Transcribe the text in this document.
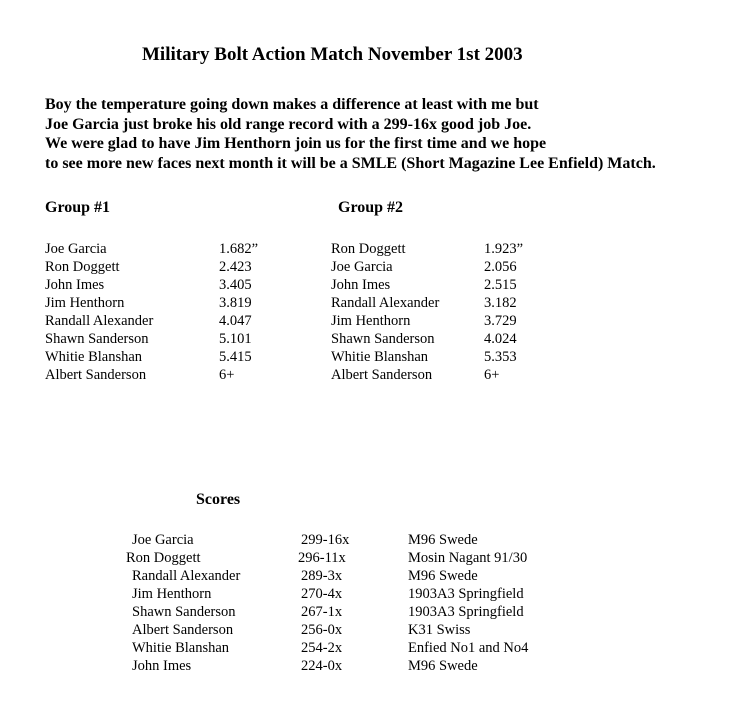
Military Bolt Action Match November 1st 2003
Boy the temperature going down makes a difference at least with me but
Joe Garcia just broke his old range record with a 299-16x good job Joe.
We were glad to have Jim Henthorn join us for the first time and we hope
to see more new faces next month it will be a SMLE (Short Magazine Lee Enfield) Match.
Group #1	Group #2
Joe Garcia	1.682”
Ron Doggett	2.423
John Imes	3.405
Jim Henthorn	3.819
Randall Alexander	4.047
Shawn Sanderson	5.101
Whitie Blanshan	5.415
Albert Sanderson	6+
Ron Doggett	1.923”
Joe Garcia	2.056
John Imes	2.515
Randall Alexander	3.182
Jim Henthorn	3.729
Shawn Sanderson	4.024
Whitie Blanshan	5.353
Albert Sanderson	6+
Scores
Joe Garcia	299-16x	M96 Swede
Ron Doggett	296-11x	Mosin Nagant 91/30
Randall Alexander	289-3x	M96 Swede
Jim Henthorn	270-4x	1903A3 Springfield
Shawn Sanderson	267-1x	1903A3 Springfield
Albert Sanderson	256-0x	K31 Swiss
Whitie Blanshan	254-2x	Enfied No1 and No4
John Imes	224-0x	M96 Swede
